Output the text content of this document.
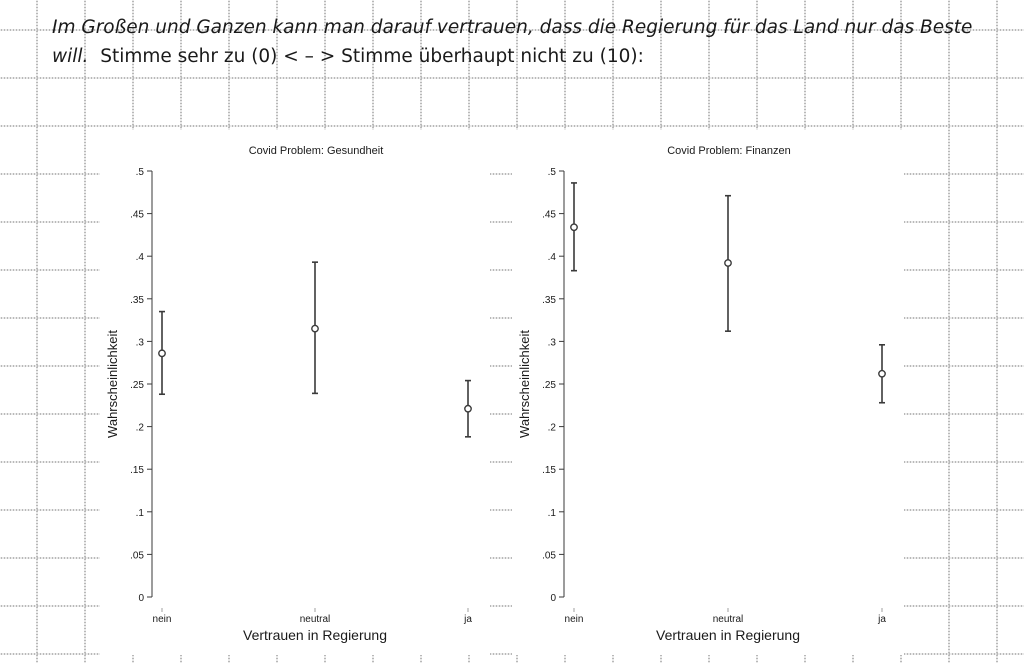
Im Großen und Ganzen kann man darauf vertrauen, dass die Regierung für das Land nur das Beste will. Stimme sehr zu (0) < – > Stimme überhaupt nicht zu (10):
Covid Problem: Gesundheit
0
.05
.1
.15
.2
.25
.3
.35
.4
.45
.5
Wahrscheinlichkeit
nein	neutral	ja
Vertrauen in Regierung
Covid Problem: Finanzen
0
.05
.1
.15
.2
.25
.3
.35
.4
.45
.5
Wahrscheinlichkeit
nein	neutral	ja
Vertrauen in Regierung
